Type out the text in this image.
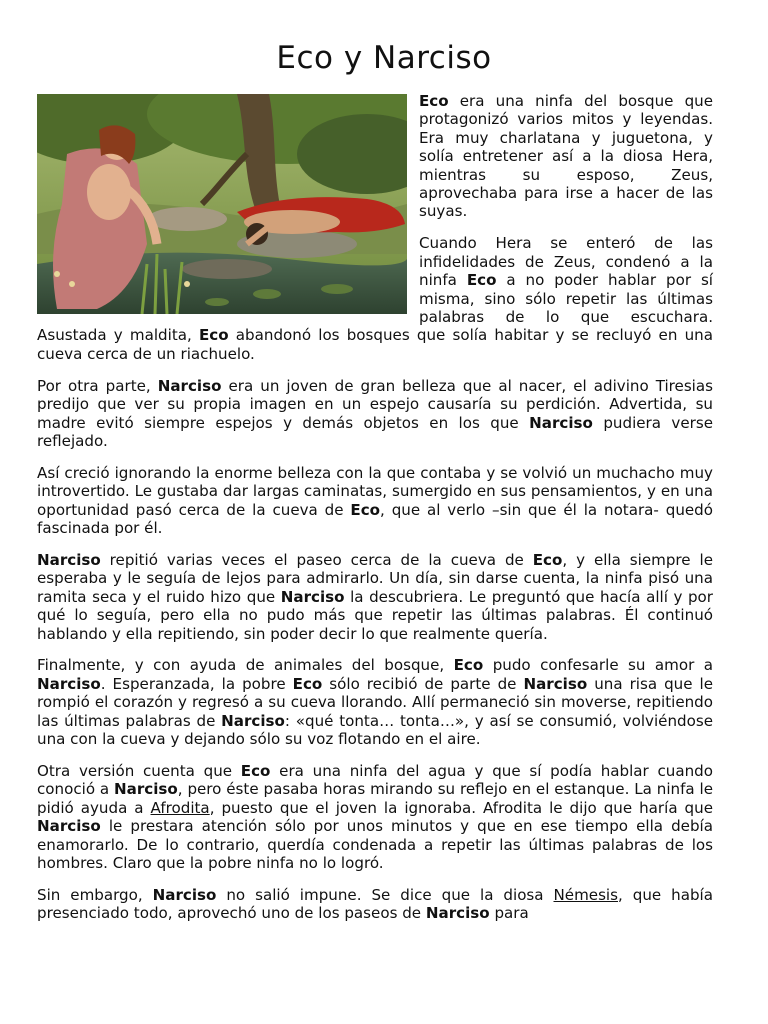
Eco y Narciso

Eco era una ninfa del bosque que protagonizó varios mitos y leyendas. Era muy charlatana y juguetona, y solía entretener así a la diosa Hera, mientras su esposo, Zeus, aprovechaba para irse a hacer de las suyas.

Cuando Hera se enteró de las infidelidades de Zeus, condenó a la ninfa Eco a no poder hablar por sí misma, sino sólo repetir las últimas palabras de lo que escuchara. Asustada y maldita, Eco abandonó los bosques que solía habitar y se recluyó en una cueva cerca de un riachuelo.

Por otra parte, Narciso era un joven de gran belleza que al nacer, el adivino Tiresias predijo que ver su propia imagen en un espejo causaría su perdición. Advertida, su madre evitó siempre espejos y demás objetos en los que Narciso pudiera verse reflejado.

Así creció ignorando la enorme belleza con la que contaba y se volvió un muchacho muy introvertido. Le gustaba dar largas caminatas, sumergido en sus pensamientos, y en una oportunidad pasó cerca de la cueva de Eco, que al verlo –sin que él la notara- quedó fascinada por él.

Narciso repitió varias veces el paseo cerca de la cueva de Eco, y ella siempre le esperaba y le seguía de lejos para admirarlo. Un día, sin darse cuenta, la ninfa pisó una ramita seca y el ruido hizo que Narciso la descubriera. Le preguntó que hacía allí y por qué lo seguía, pero ella no pudo más que repetir las últimas palabras. Él continuó hablando y ella repitiendo, sin poder decir lo que realmente quería.

Finalmente, y con ayuda de animales del bosque, Eco pudo confesarle su amor a Narciso. Esperanzada, la pobre Eco sólo recibió de parte de Narciso una risa que le rompió el corazón y regresó a su cueva llorando. Allí permaneció sin moverse, repitiendo las últimas palabras de Narciso: «qué tonta… tonta…», y así se consumió, volviéndose una con la cueva y dejando sólo su voz flotando en el aire.

Otra versión cuenta que Eco era una ninfa del agua y que sí podía hablar cuando conoció a Narciso, pero éste pasaba horas mirando su reflejo en el estanque. La ninfa le pidió ayuda a Afrodita, puesto que el joven la ignoraba. Afrodita le dijo que haría que Narciso le prestara atención sólo por unos minutos y que en ese tiempo ella debía enamorarlo. De lo contrario, querdía condenada a repetir las últimas palabras de los hombres. Claro que la pobre ninfa no lo logró.

Sin embargo, Narciso no salió impune. Se dice que la diosa Némesis, que había presenciado todo, aprovechó uno de los paseos de Narciso para
